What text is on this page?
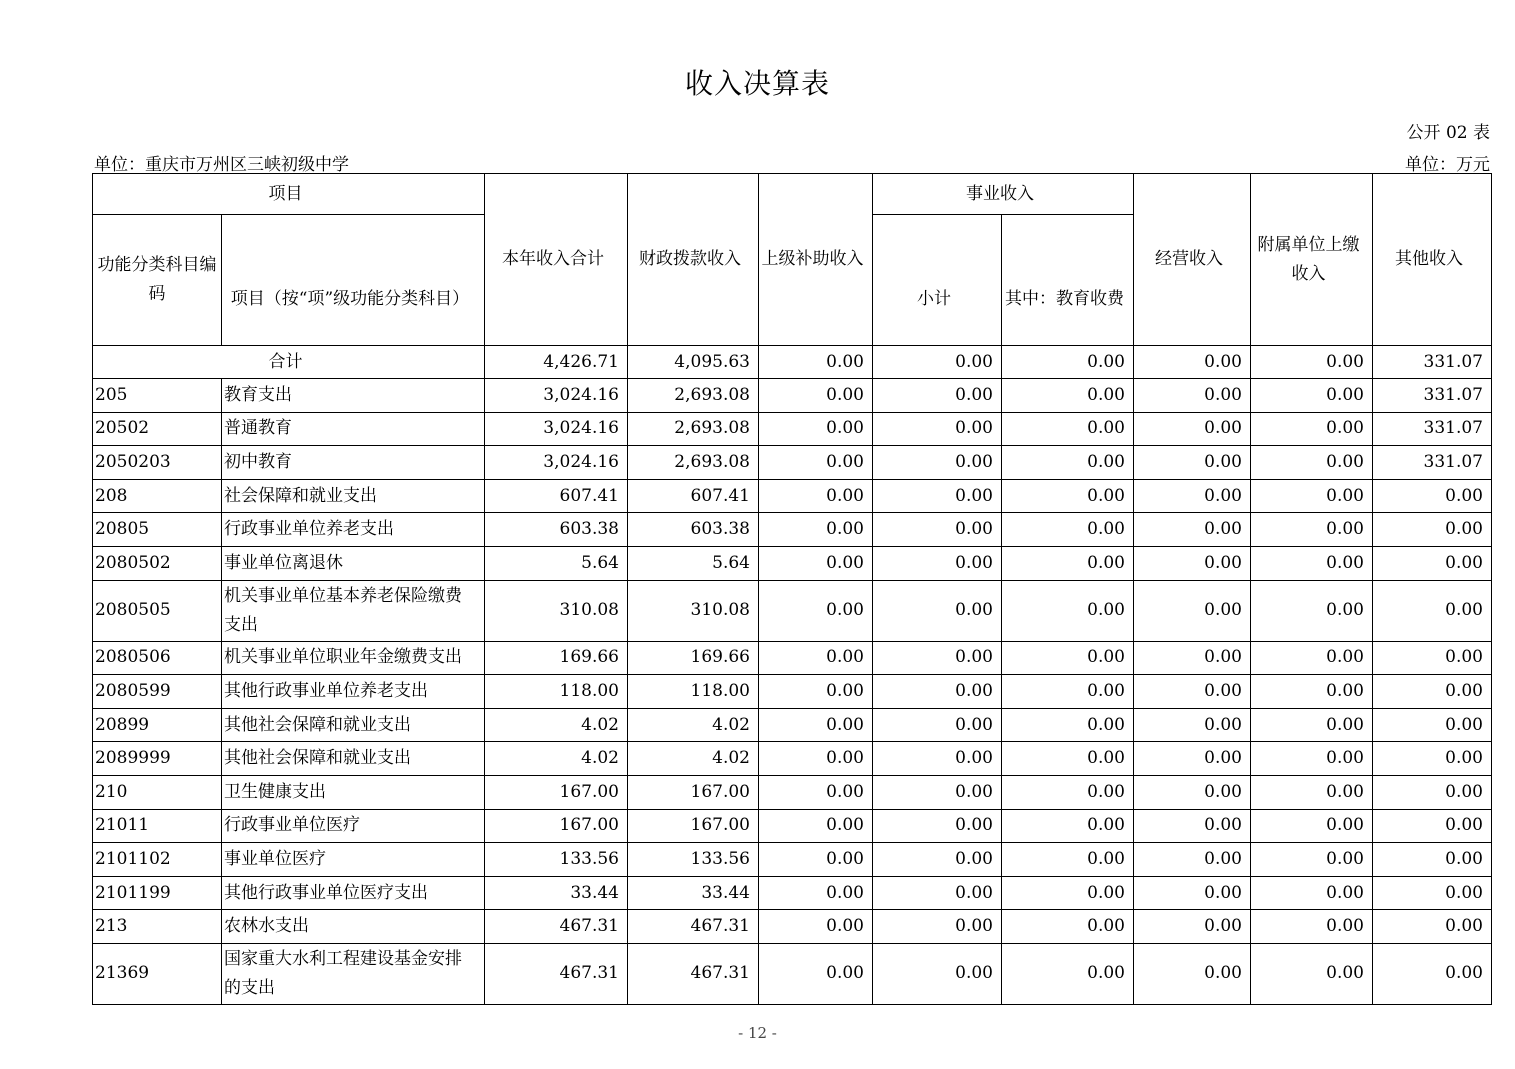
收入决算表
公开 02 表
单位：重庆市万州区三峡初级中学	单位：万元
项目		本年收入合计	财政拨款收入	上级补助收入	事业收入		经营收入	附属单位上缴收入	其他收入
功能分类科目编码	项目（按“项”级功能分类科目）				小计	其中：教育收费			
合计		4,426.71	4,095.63	0.00	0.00	0.00	0.00	0.00	331.07
205	教育支出	3,024.16	2,693.08	0.00	0.00	0.00	0.00	0.00	331.07
20502	普通教育	3,024.16	2,693.08	0.00	0.00	0.00	0.00	0.00	331.07
2050203	初中教育	3,024.16	2,693.08	0.00	0.00	0.00	0.00	0.00	331.07
208	社会保障和就业支出	607.41	607.41	0.00	0.00	0.00	0.00	0.00	0.00
20805	行政事业单位养老支出	603.38	603.38	0.00	0.00	0.00	0.00	0.00	0.00
2080502	事业单位离退休	5.64	5.64	0.00	0.00	0.00	0.00	0.00	0.00
2080505	机关事业单位基本养老保险缴费支出	310.08	310.08	0.00	0.00	0.00	0.00	0.00	0.00
2080506	机关事业单位职业年金缴费支出	169.66	169.66	0.00	0.00	0.00	0.00	0.00	0.00
2080599	其他行政事业单位养老支出	118.00	118.00	0.00	0.00	0.00	0.00	0.00	0.00
20899	其他社会保障和就业支出	4.02	4.02	0.00	0.00	0.00	0.00	0.00	0.00
2089999	其他社会保障和就业支出	4.02	4.02	0.00	0.00	0.00	0.00	0.00	0.00
210	卫生健康支出	167.00	167.00	0.00	0.00	0.00	0.00	0.00	0.00
21011	行政事业单位医疗	167.00	167.00	0.00	0.00	0.00	0.00	0.00	0.00
2101102	事业单位医疗	133.56	133.56	0.00	0.00	0.00	0.00	0.00	0.00
2101199	其他行政事业单位医疗支出	33.44	33.44	0.00	0.00	0.00	0.00	0.00	0.00
213	农林水支出	467.31	467.31	0.00	0.00	0.00	0.00	0.00	0.00
21369	国家重大水利工程建设基金安排的支出	467.31	467.31	0.00	0.00	0.00	0.00	0.00	0.00
- 12 -
